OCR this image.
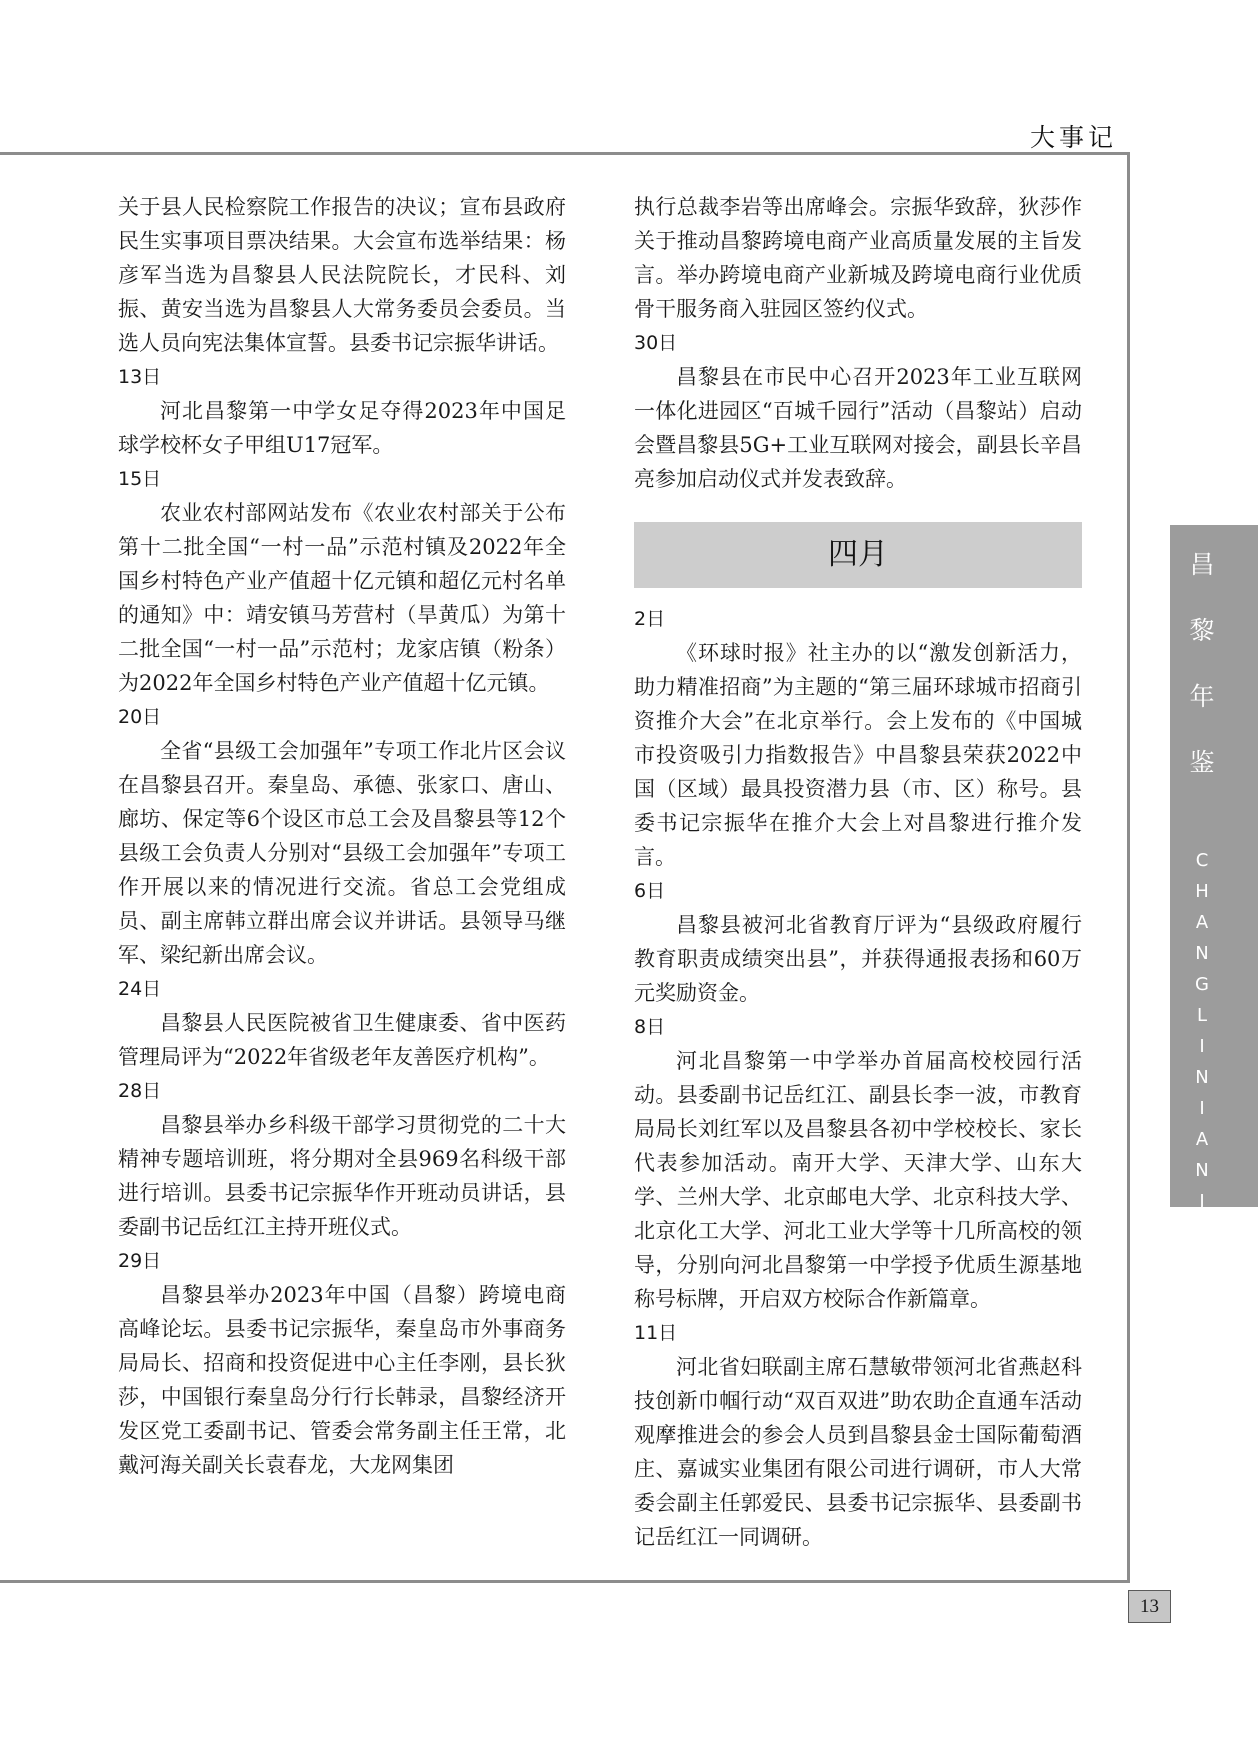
大事记
昌
黎
年
鉴
C
H
A
N
G
L
I
N
I
A
N
J
I
A
N

关于县人民检察院工作报告的决议；宣布县政府民生实事项目票决结果。大会宣布选举结果：杨彦军当选为昌黎县人民法院院长，才民科、刘振、黄安当选为昌黎县人大常务委员会委员。当选人员向宪法集体宣誓。县委书记宗振华讲话。

13日

河北昌黎第一中学女足夺得2023年中国足球学校杯女子甲组U17冠军。

15日

农业农村部网站发布《农业农村部关于公布第十二批全国“一村一品”示范村镇及2022年全国乡村特色产业产值超十亿元镇和超亿元村名单的通知》中：靖安镇马芳营村（旱黄瓜）为第十二批全国“一村一品”示范村；龙家店镇（粉条）为2022年全国乡村特色产业产值超十亿元镇。

20日

全省“县级工会加强年”专项工作北片区会议在昌黎县召开。秦皇岛、承德、张家口、唐山、廊坊、保定等6个设区市总工会及昌黎县等12个县级工会负责人分别对“县级工会加强年”专项工作开展以来的情况进行交流。省总工会党组成员、副主席韩立群出席会议并讲话。县领导马继军、梁纪新出席会议。

24日

昌黎县人民医院被省卫生健康委、省中医药管理局评为“2022年省级老年友善医疗机构”。

28日

昌黎县举办乡科级干部学习贯彻党的二十大精神专题培训班，将分期对全县969名科级干部进行培训。县委书记宗振华作开班动员讲话，县委副书记岳红江主持开班仪式。

29日

昌黎县举办2023年中国（昌黎）跨境电商高峰论坛。县委书记宗振华，秦皇岛市外事商务局局长、招商和投资促进中心主任李刚，县长狄莎，中国银行秦皇岛分行行长韩录，昌黎经济开发区党工委副书记、管委会常务副主任王常，北戴河海关副关长袁春龙，大龙网集团

执行总裁李岩等出席峰会。宗振华致辞，狄莎作关于推动昌黎跨境电商产业高质量发展的主旨发言。举办跨境电商产业新城及跨境电商行业优质骨干服务商入驻园区签约仪式。

30日

昌黎县在市民中心召开2023年工业互联网一体化进园区“百城千园行”活动（昌黎站）启动会暨昌黎县5G+工业互联网对接会，副县长辛昌亮参加启动仪式并发表致辞。

四月
2日

《环球时报》社主办的以“激发创新活力，助力精准招商”为主题的“第三届环球城市招商引资推介大会”在北京举行。会上发布的《中国城市投资吸引力指数报告》中昌黎县荣获2022中国（区域）最具投资潜力县（市、区）称号。县委书记宗振华在推介大会上对昌黎进行推介发言。

6日

昌黎县被河北省教育厅评为“县级政府履行教育职责成绩突出县”，并获得通报表扬和60万元奖励资金。

8日

河北昌黎第一中学举办首届高校校园行活动。县委副书记岳红江、副县长李一波，市教育局局长刘红军以及昌黎县各初中学校校长、家长代表参加活动。南开大学、天津大学、山东大学、兰州大学、北京邮电大学、北京科技大学、北京化工大学、河北工业大学等十几所高校的领导，分别向河北昌黎第一中学授予优质生源基地称号标牌，开启双方校际合作新篇章。

11日

河北省妇联副主席石慧敏带领河北省燕赵科技创新巾帼行动“双百双进”助农助企直通车活动观摩推进会的参会人员到昌黎县金士国际葡萄酒庄、嘉诚实业集团有限公司进行调研，市人大常委会副主任郭爱民、县委书记宗振华、县委副书记岳红江一同调研。

13
